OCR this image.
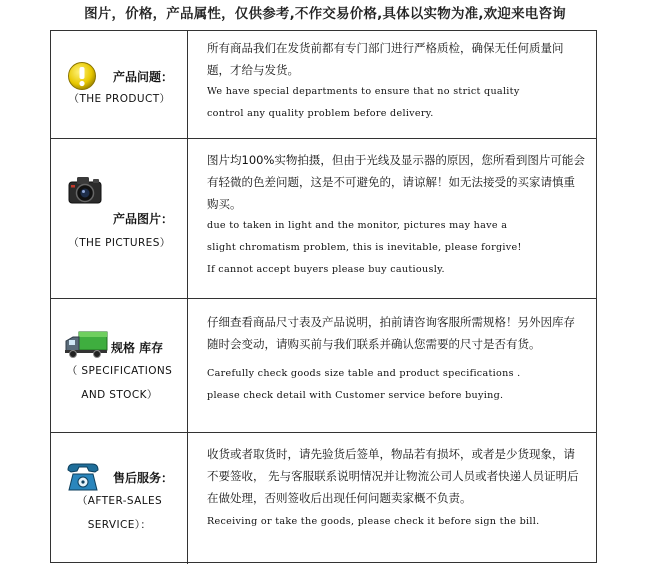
图片，价格，产品属性，仅供参考,不作交易价格,具体以实物为准,欢迎来电咨询
产品问题：
（THE PRODUCT）
所有商品我们在发货前都有专门部门进行严格质检，确保无任何质量问题，才给与发货。
We have special departments to ensure that no strict quality
control any quality problem before delivery.
产品图片：
（THE PICTURES）
图片均100%实物拍摄，但由于光线及显示器的原因，您所看到图片可能会有轻微的色差问题，这是不可避免的，请谅解！如无法接受的买家请慎重购买。
due to taken in light and the monitor, pictures may have a
slight chromatism problem, this is inevitable, please forgive!
If cannot accept buyers please buy cautiously.
规格 库存
（ SPECIFICATIONS
AND STOCK）
仔细查看商品尺寸表及产品说明，拍前请咨询客服所需规格！另外因库存随时会变动，请购买前与我们联系并确认您需要的尺寸是否有货。
Carefully check goods size table and product specifications .
please check detail with Customer service before buying.
售后服务：
（AFTER-SALES
SERVICE）：
收货或者取货时，请先验货后签单，物品若有损坏，或者是少货现象，请不要签收， 先与客服联系说明情况并让物流公司人员或者快递人员证明后在做处理，否则签收后出现任何问题卖家概不负责。
Receiving or take the goods, please check it before sign the bill.
